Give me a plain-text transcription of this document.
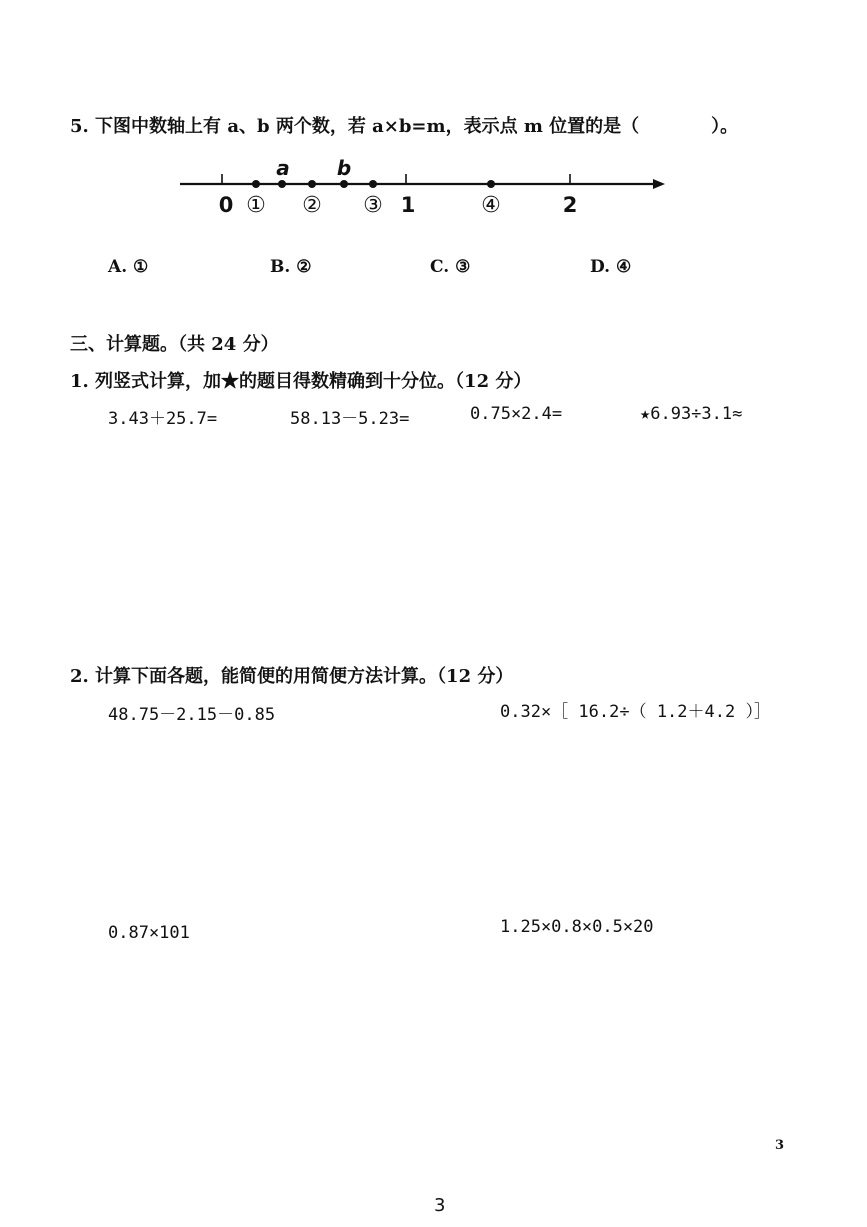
5. 下图中数轴上有 a、b 两个数，若 a×b=m，表示点 m 位置的是（　　　　）。
a b
0	1	2
① ② ③	④
A. ①	B. ②	C. ③	D. ④
三、计算题。（共 24 分）
1. 列竖式计算，加★的题目得数精确到十分位。（12 分）
3.43＋25.7=	58.13－5.23=	0.75×2.4=	★6.93÷3.1≈
2. 计算下面各题，能简便的用简便方法计算。（12 分）
48.75－2.15－0.85	0.32×［ 16.2÷（ 1.2＋4.2 ）］
0.87×101	1.25×0.8×0.5×20
3
3
